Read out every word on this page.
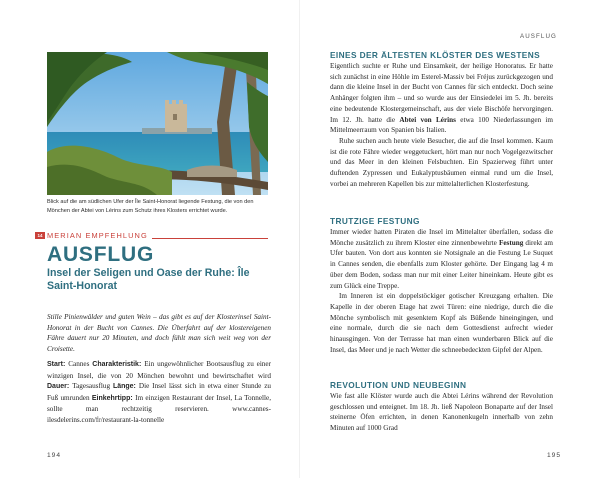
Blick auf die am südlichen Ufer der Île Saint-Honorat liegende Festung, die von den Mönchen der Abtei von Lérins zum Schutz ihres Klosters errichtet wurde.
14 MERIAN EMPFEHLUNG
AUSFLUG
Insel der Seligen und Oase der Ruhe: Île Saint-Honorat

Stille Pinienwälder und guten Wein – das gibt es auf der Klosterinsel Saint-Honorat in der Bucht von Cannes. Die Überfahrt auf der klostereigenen Fähre dauert nur 20 Minuten, und doch fühlt man sich weit weg von der Croisette.

Start: Cannes Charakteristik: Ein ungewöhnlicher Bootsausflug zu einer winzigen Insel, die von 20 Mönchen bewohnt und bewirtschaftet wird Dauer: Tagesausflug Länge: Die Insel lässt sich in etwa einer Stunde zu Fuß umrunden Einkehrtipp: Im einzigen Restaurant der Insel, La Tonnelle, sollte man rechtzeitig reservieren. www.cannes-ilesdelerins.com/fr/restaurant-la-tonnelle
194
AUSFLUG
EINES DER ÄLTESTEN KLÖSTER DES WESTENS

Eigentlich suchte er Ruhe und Einsamkeit, der heilige Honoratus. Er hatte sich zunächst in eine Höhle im Esterel-Massiv bei Fréjus zurückgezogen und dann die kleine Insel in der Bucht von Cannes für sich entdeckt. Doch seine Anhänger folgten ihm – und so wurde aus der Einsiedelei im 5. Jh. bereits eine bedeutende Klostergemeinschaft, aus der viele Bischöfe hervorgingen. Im 12. Jh. hatte die Abtei von Lérins etwa 100 Niederlassungen im Mittelmeerraum von Spanien bis Italien.

Ruhe suchen auch heute viele Besucher, die auf die Insel kommen. Kaum ist die rote Fähre wieder weggetuckert, hört man nur noch Vogelgezwitscher und das Meer in den kleinen Felsbuchten. Ein Spazierweg führt unter duftenden Zypressen und Eukalyptusbäumen einmal rund um die Insel, vorbei an mehreren Kapellen bis zur mittelalterlichen Klosterfestung.

TRUTZIGE FESTUNG

Immer wieder hatten Piraten die Insel im Mittelalter überfallen, sodass die Mönche zusätzlich zu ihrem Kloster eine zinnenbewehrte Festung direkt am Ufer bauten. Von dort aus konnten sie Notsignale an die Festung Le Suquet in Cannes senden, die ebenfalls zum Kloster gehörte. Der Eingang lag 4 m über dem Boden, sodass man nur mit einer Leiter hineinkam. Heute gibt es zum Glück eine Treppe.

Im Inneren ist ein doppelstöckiger gotischer Kreuzgang erhalten. Die Kapelle in der oberen Etage hat zwei Türen: eine niedrige, durch die die Mönche symbolisch mit gesenktem Kopf als Büßende hineingingen, und eine normale, durch die sie nach dem Gottesdienst aufrecht wieder hinausgingen. Von der Terrasse hat man einen wunderbaren Blick auf die Insel, das Meer und je nach Wetter die schneebedeckten Gipfel der Alpen.

REVOLUTION UND NEUBEGINN

Wie fast alle Klöster wurde auch die Abtei Lérins während der Revolution geschlossen und enteignet. Im 18. Jh. ließ Napoleon Bonaparte auf der Insel steinerne Öfen errichten, in denen Kanonenkugeln innerhalb von zehn Minuten auf 1000 Grad

195
